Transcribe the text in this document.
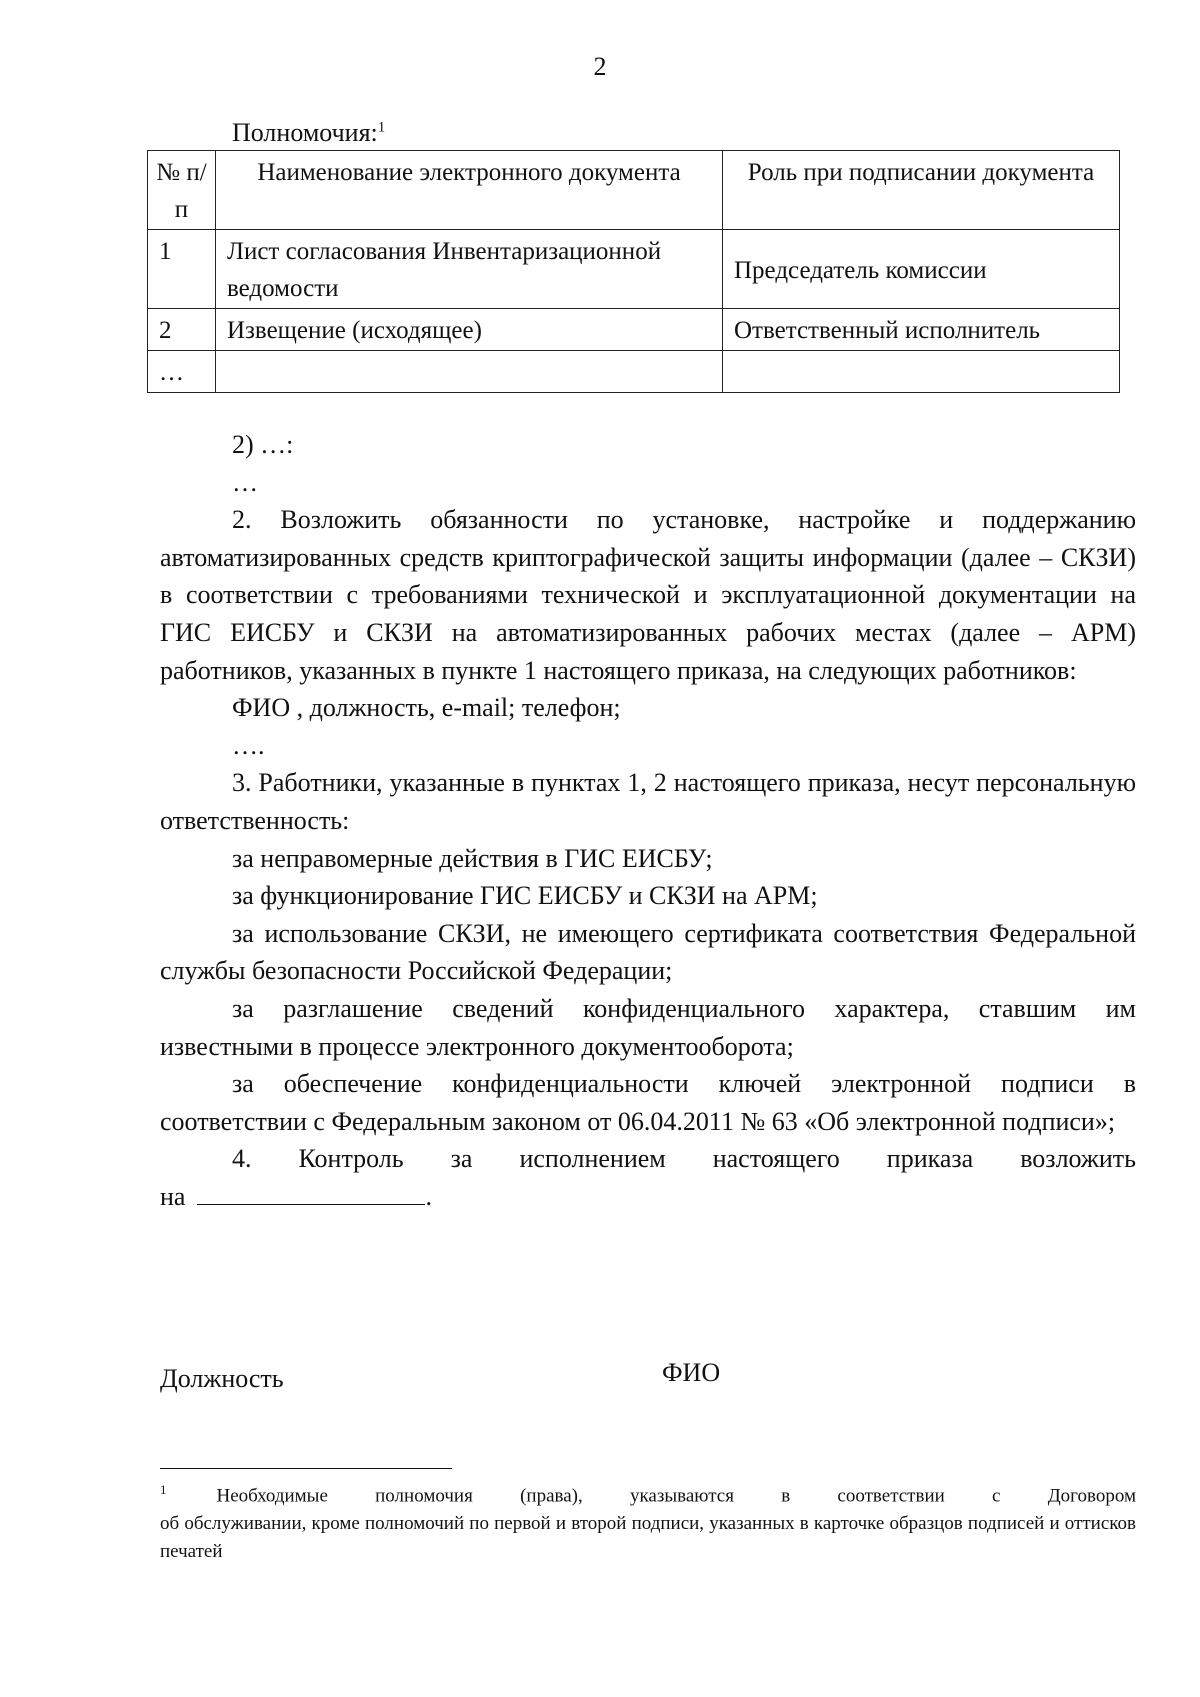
2
Полномочия:$^1$
№ п/п	Наименование электронного документа	Роль при подписании документа
1	Лист согласования Инвентаризационной ведомости	Председатель комиссии
2	Извещение (исходящее)	Ответственный исполнитель
…		

2) …:

…

2. Возложить обязанности по установке, настройке и поддержанию автоматизированных средств криптографической защиты информации (далее – СКЗИ) в соответствии с требованиями технической и эксплуатационной документации на ГИС ЕИСБУ и СКЗИ на автоматизированных рабочих местах (далее – АРМ) работников, указанных в пункте 1 настоящего приказа, на следующих работников:

ФИО , должность, e-mail; телефон;

….

3. Работники, указанные в пунктах 1, 2 настоящего приказа, несут персональную ответственность:

за неправомерные действия в ГИС ЕИСБУ;

за функционирование ГИС ЕИСБУ и СКЗИ на АРМ;

за использование СКЗИ, не имеющего сертификата соответствия Федеральной службы безопасности Российской Федерации;

за разглашение сведений конфиденциального характера, ставшим им известными в процессе электронного документооборота;

за обеспечение конфиденциальности ключей электронной подписи в соответствии с Федеральным законом от 06.04.2011 № 63 «Об электронной подписи»;

4. Контроль за исполнением настоящего приказа возложить

на	.

Должность	ФИО

$^1$	Необходимые полномочия (права), указываются в соответствии с Договором

об обслуживании, кроме полномочий по первой и второй подписи, указанных в карточке образцов подписей и оттисков печатей
